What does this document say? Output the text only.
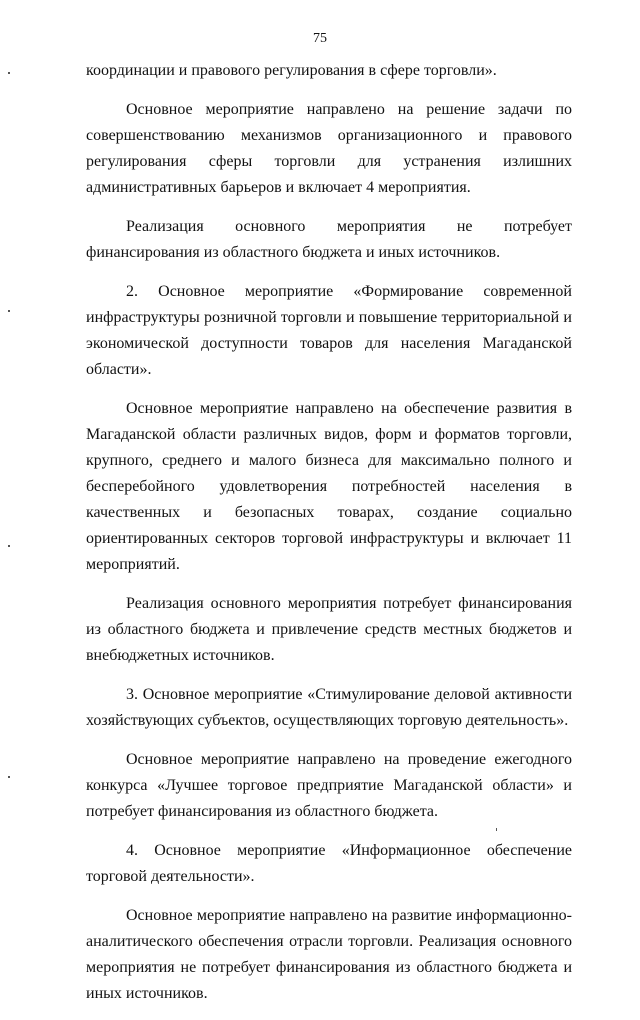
75

координации и правового регулирования в сфере торговли».

Основное мероприятие направлено на решение задачи по совершенствованию механизмов организационного и правового регулирования сферы торговли для устранения излишних административных барьеров и включает 4 мероприятия.

Реализация основного мероприятия не потребует финансирования из областного бюджета и иных источников.

2. Основное мероприятие «Формирование современной инфраструктуры розничной торговли и повышение территориальной и экономической доступности товаров для населения Магаданской области».

Основное мероприятие направлено на обеспечение развития в Магаданской области различных видов, форм и форматов торговли, крупного, среднего и малого бизнеса для максимально полного и бесперебойного удовлетворения потребностей населения в качественных и безопасных товарах, создание социально ориентированных секторов торговой инфраструктуры и включает 11 мероприятий.

Реализация основного мероприятия потребует финансирования из областного бюджета и привлечение средств местных бюджетов и внебюджетных источников.

3. Основное мероприятие «Стимулирование деловой активности хозяйствующих субъектов, осуществляющих торговую деятельность».

Основное мероприятие направлено на проведение ежегодного конкурса «Лучшее торговое предприятие Магаданской области» и потребует финансирования из областного бюджета.

4. Основное мероприятие «Информационное обеспечение торговой деятельности».

Основное мероприятие направлено на развитие информационно-аналитического обеспечения отрасли торговли. Реализация основного мероприятия не потребует финансирования из областного бюджета и иных источников.
